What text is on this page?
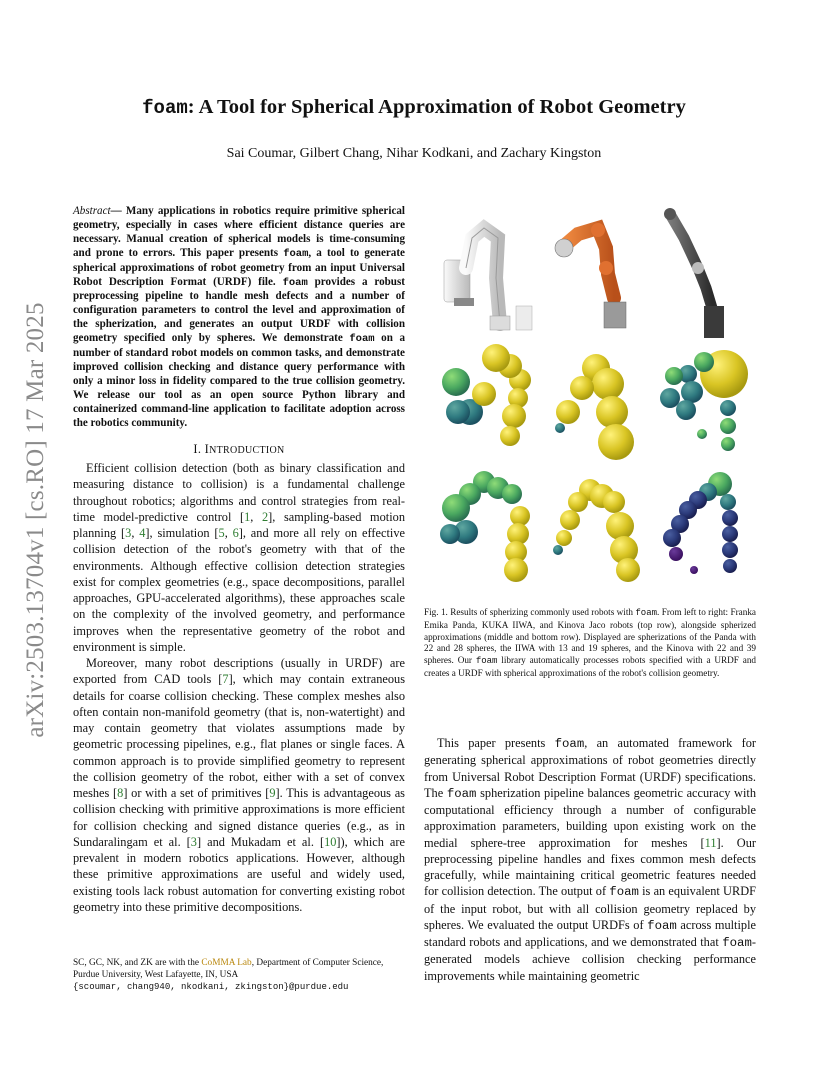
arXiv:2503.13704v1 [cs.RO] 17 Mar 2025
foam: A Tool for Spherical Approximation of Robot Geometry
Sai Coumar, Gilbert Chang, Nihar Kodkani, and Zachary Kingston
Abstract— Many applications in robotics require primitive spherical geometry, especially in cases where efficient distance queries are necessary. Manual creation of spherical models is time-consuming and prone to errors. This paper presents foam, a tool to generate spherical approximations of robot geometry from an input Universal Robot Description Format (URDF) file. foam provides a robust preprocessing pipeline to handle mesh defects and a number of configuration parameters to control the level and approximation of the spherization, and generates an output URDF with collision geometry specified only by spheres. We demonstrate foam on a number of standard robot models on common tasks, and demonstrate improved collision checking and distance query performance with only a minor loss in fidelity compared to the true collision geometry. We release our tool as an open source Python library and containerized command-line application to facilitate adoption across the robotics community.
I. INTRODUCTION

Efficient collision detection (both as binary classification and measuring distance to collision) is a fundamental challenge throughout robotics; algorithms and control strategies from real-time model-predictive control [1, 2], sampling-based motion planning [3, 4], simulation [5, 6], and more all rely on effective collision detection of the robot's geometry with that of the environments. Although effective collision detection strategies exist for complex geometries (e.g., space decompositions, parallel approaches, GPU-accelerated algorithms), these approaches scale on the complexity of the involved geometry, and performance improves when the representative geometry of the robot and environment is simple.

Moreover, many robot descriptions (usually in URDF) are exported from CAD tools [7], which may contain extraneous details for coarse collision checking. These complex meshes also often contain non-manifold geometry (that is, non-watertight) and may contain geometry that violates assumptions made by geometric processing pipelines, e.g., flat planes or single faces. A common approach is to provide simplified geometry to represent the collision geometry of the robot, either with a set of convex meshes [8] or with a set of primitives [9]. This is advantageous as collision checking with primitive approximations is more efficient for collision checking and signed distance queries (e.g., as in Sundaralingam et al. [3] and Mukadam et al. [10]), which are prevalent in modern robotics applications. However, although these primitive approximations are useful and widely used, existing tools lack robust automation for converting existing robot geometry into these primitive decompositions.

SC, GC, NK, and ZK are with the CoMMA Lab, Department of Computer Science, Purdue University, West Lafayette, IN, USA
{scoumar, chang940, nkodkani, zkingston}@purdue.edu
Fig. 1. Results of spherizing commonly used robots with foam. From left to right: Franka Emika Panda, KUKA IIWA, and Kinova Jaco robots (top row), alongside spherized approximations (middle and bottom row). Displayed are spherizations of the Panda with 22 and 28 spheres, the IIWA with 13 and 19 spheres, and the Kinova with 22 and 39 spheres. Our foam library automatically processes robots specified with a URDF and creates a URDF with spherical approximations of the robot's collision geometry.

This paper presents foam, an automated framework for generating spherical approximations of robot geometries directly from Universal Robot Description Format (URDF) specifications. The foam spherization pipeline balances geometric accuracy with computational efficiency through a number of configurable approximation parameters, building upon existing work on the medial sphere-tree approximation for meshes [11]. Our preprocessing pipeline handles and fixes common mesh defects gracefully, while maintaining critical geometric features needed for collision detection. The output of foam is an equivalent URDF of the input robot, but with all collision geometry replaced by spheres. We evaluated the output URDFs of foam across multiple standard robots and applications, and we demonstrated that foam-generated models achieve collision checking performance improvements while maintaining geometric
